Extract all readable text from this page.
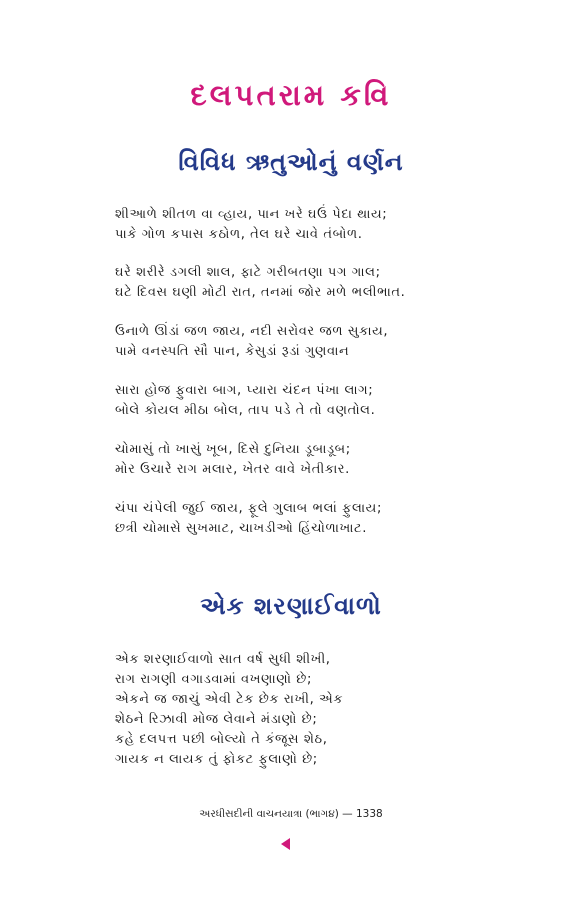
દલપતરામ કવિ
વિવિધ ઋતુઓનું વર્ણન
શીઆળે શીતળ વા વ્હાય, પાન ખરે ઘઉં પેદા થાય;
પાકે ગોળ કપાસ કઠોળ, તેલ ઘરે ચાવે તંબોળ.
ઘરે શરીરે ડગલી શાલ, ફાટે ગરીબતણા પગ ગાલ;
ઘટે દિવસ ઘણી મોટી રાત, તનમાં જોર મળે ભલીભાત.
ઉનાળે ઊંડાં જળ જાય, નદી સરોવર જળ સુકાય,
પામે વનસ્પતિ સૌ પાન, કેસુડાં રૂડાં ગુણવાન
સારા હોજ ફુવારા બાગ, પ્યારા ચંદન પંખા લાગ;
બોલે કોયલ મીઠા બોલ, તાપ પડે તે તો વણતોલ.
ચોમાસું તો ખાસું ખૂબ, દિસે દુનિયા ડૂબાડૂબ;
મોર ઉચારે રાગ મલાર, ખેતર વાવે ખેતીકાર.
ચંપા ચંપેલી જુઈ જાય, ફૂલે ગુલાબ ભલાં ફુલાય;
છત્રી ચોમાસે સુખમાટ, ચાખડીઓ હિંચોળાખાટ.
એક શરણાઈવાળો
એક શરણાઈવાળો સાત વર્ષ સુધી શીખી,
રાગ રાગણી વગાડવામાં વખણાણો છે;
એકને જ જાચું એવી ટેક છેક રાખી, એક
શેઠને રિઝાવી મોજ લેવાને મંડાણો છે;
કહે દલપત્ત પછી બોલ્યો તે કંજૂસ શેઠ,
ગાયક ન લાયક તું ફોકટ ફુલાણો છે;
અરધીસદીની વાચનયાત્રા (ભાગ૪) — 1338
